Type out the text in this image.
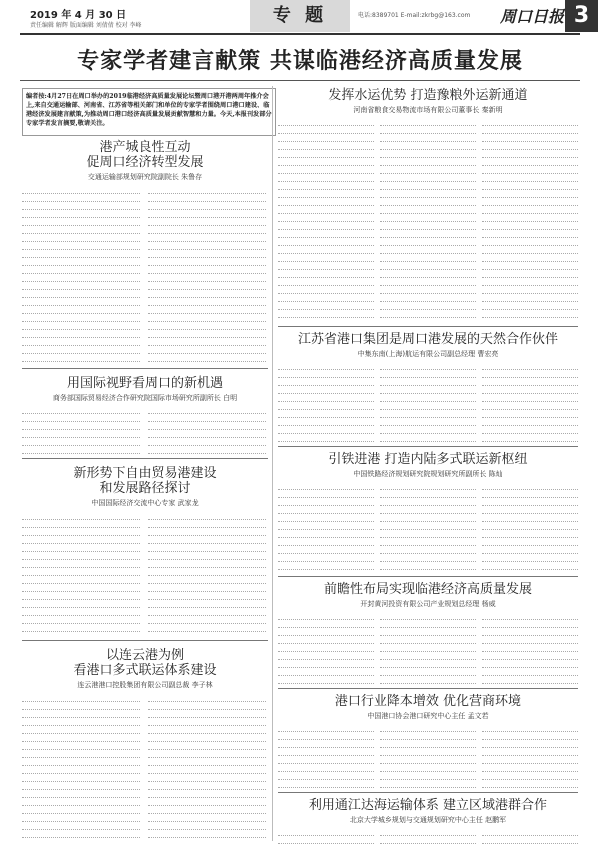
2019 年 4 月 30 日
责任编辑 解辉 版面编辑 刘倩倩 校对 李峰	专 题	电话:8389701 E-mail:zkrbg@163.com	周口日报 3
专家学者建言献策 共谋临港经济高质量发展
编者按:4月27日在周口举办的2019临港经济高质量发展论坛暨周口港开港两周年推介会上,来自交通运输部、河南省、江苏省等相关部门和单位的专家学者围绕周口港口建设、临港经济发展建言献策,为推动周口港口经济高质量发展贡献智慧和力量。今天,本报刊发部分专家学者发言摘要,敬请关注。
港产城良性互动
促周口经济转型发展
交通运输部规划研究院副院长 朱鲁存
用国际视野看周口的新机遇
商务部国际贸易经济合作研究院国际市场研究所副所长 白明
新形势下自由贸易港建设
和发展路径探讨
中国国际经济交流中心专家 武家龙
以连云港为例
看港口多式联运体系建设
连云港港口控股集团有限公司副总裁 李子林
发挥水运优势 打造豫粮外运新通道
河南省粮食交易物流市场有限公司董事长 秦新明
江苏省港口集团是周口港发展的天然合作伙伴
中集东南(上海)航运有限公司副总经理 曹宏亮
引铁进港 打造内陆多式联运新枢纽
中国铁路经济规划研究院规划研究所副所长 陈灿
前瞻性布局实现临港经济高质量发展
开封黄河投资有限公司产业规划总经理 杨威
港口行业降本增效 优化营商环境
中国港口协会港口研究中心主任 孟文若
利用通江达海运输体系 建立区域港群合作
北京大学城乡规划与交通规划研究中心主任 赵鹏军
